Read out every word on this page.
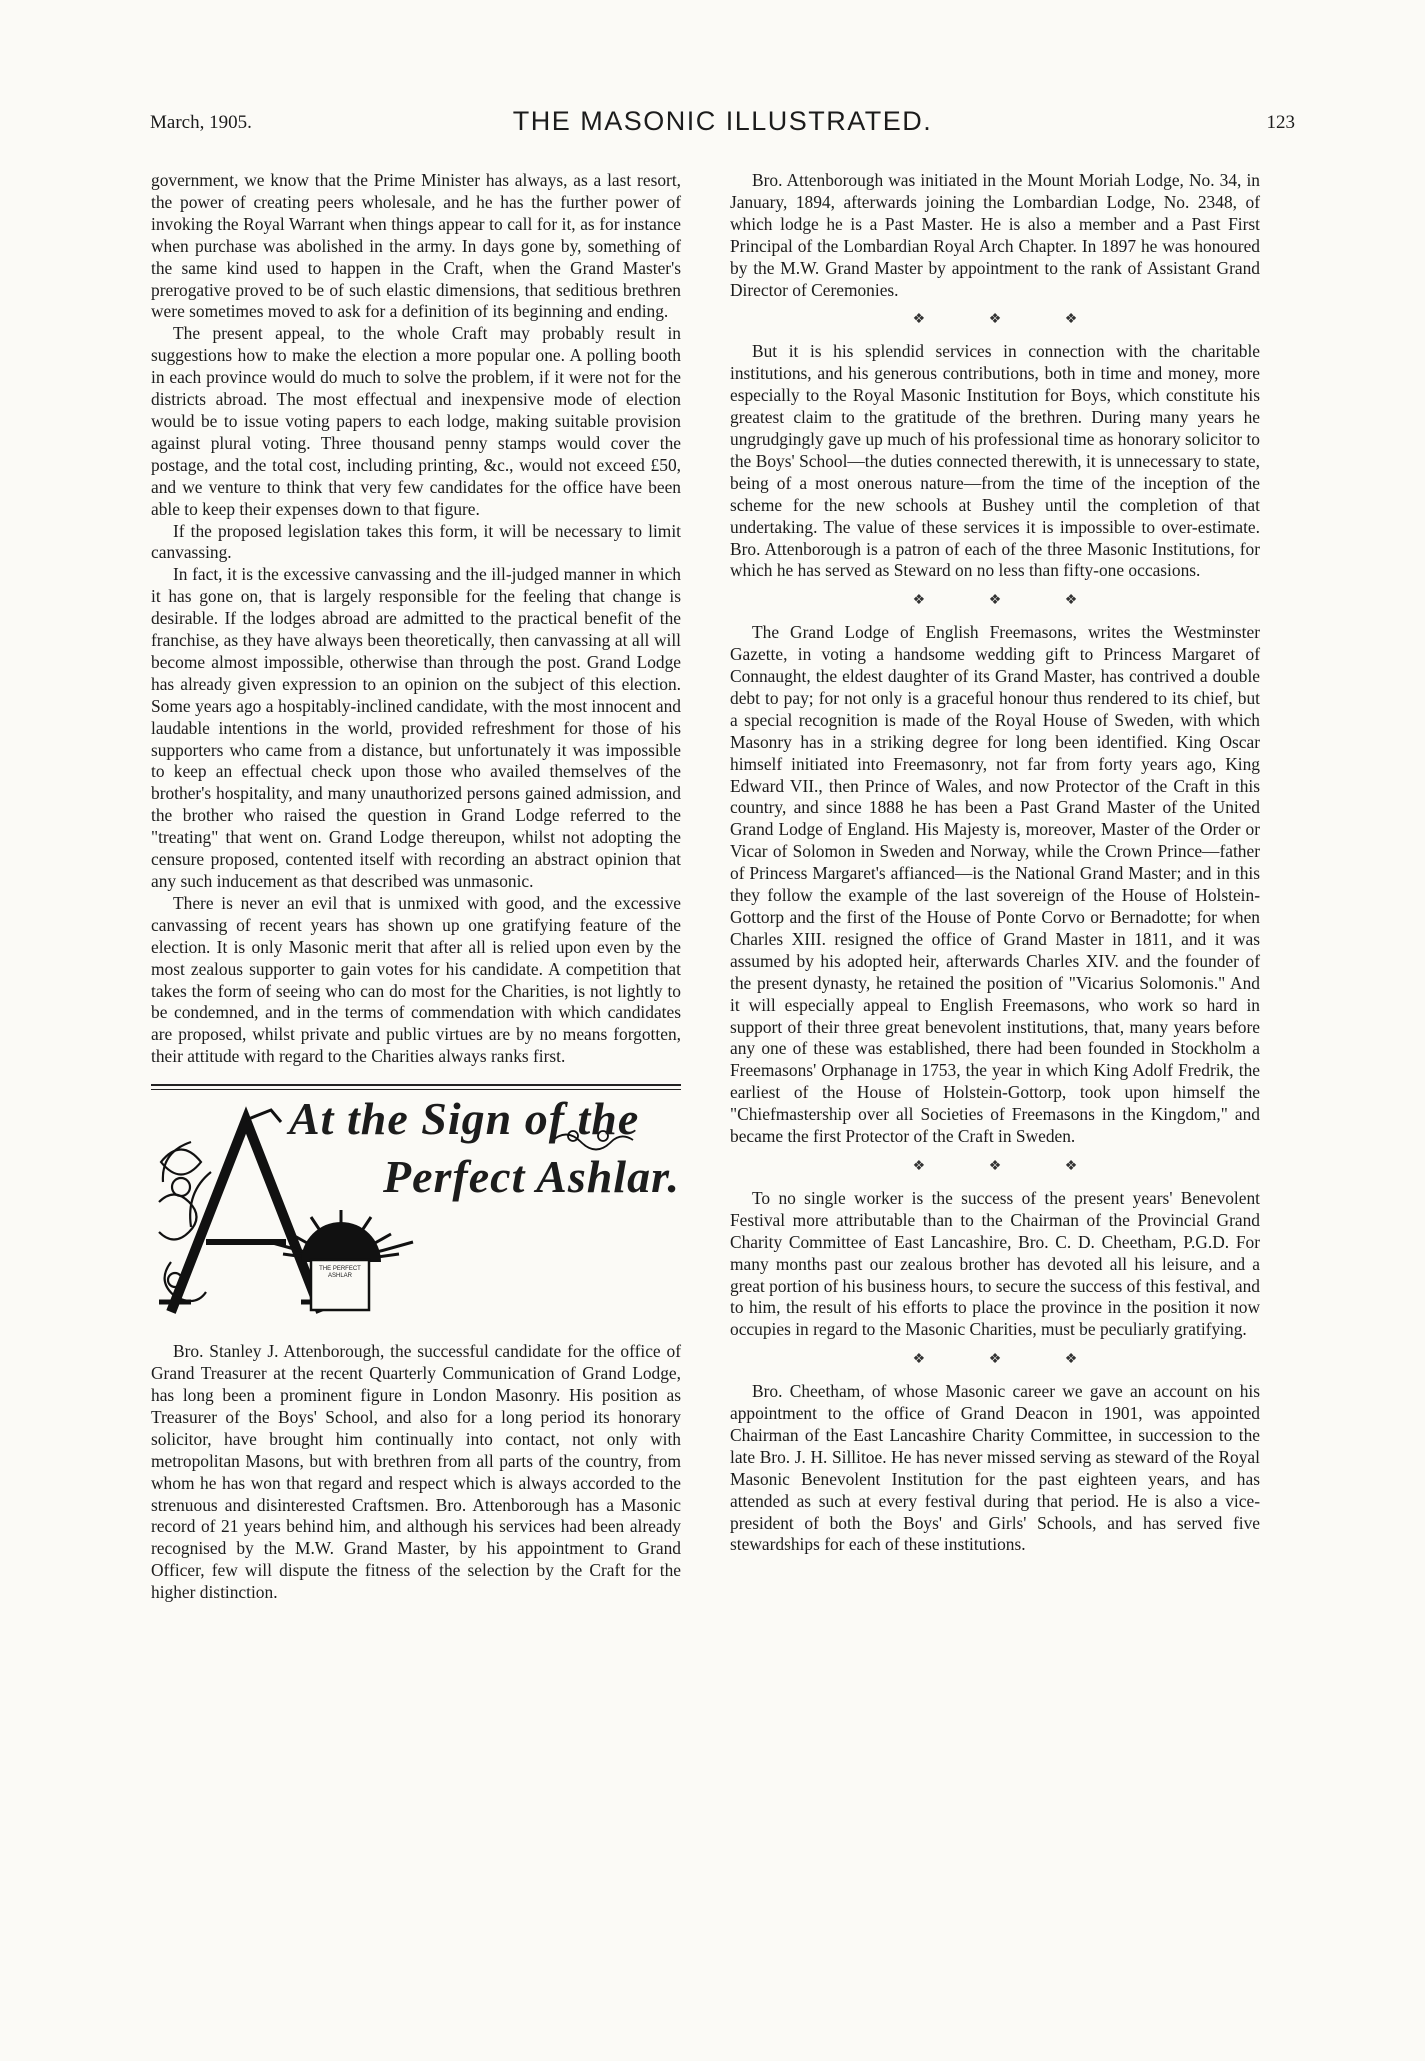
March, 1905.	THE MASONIC ILLUSTRATED.	123

government, we know that the Prime Minister has always, as a last resort, the power of creating peers wholesale, and he has the further power of invoking the Royal Warrant when things appear to call for it, as for instance when purchase was abolished in the army. In days gone by, something of the same kind used to happen in the Craft, when the Grand Master's prerogative proved to be of such elastic dimensions, that seditious brethren were sometimes moved to ask for a definition of its beginning and ending.

The present appeal, to the whole Craft may probably result in suggestions how to make the election a more popular one. A polling booth in each province would do much to solve the problem, if it were not for the districts abroad. The most effectual and inexpensive mode of election would be to issue voting papers to each lodge, making suitable provision against plural voting. Three thousand penny stamps would cover the postage, and the total cost, including printing, &c., would not exceed £50, and we venture to think that very few candidates for the office have been able to keep their expenses down to that figure.

If the proposed legislation takes this form, it will be necessary to limit canvassing.

In fact, it is the excessive canvassing and the ill-judged manner in which it has gone on, that is largely responsible for the feeling that change is desirable. If the lodges abroad are admitted to the practical benefit of the franchise, as they have always been theoretically, then canvassing at all will become almost impossible, otherwise than through the post. Grand Lodge has already given expression to an opinion on the subject of this election. Some years ago a hospitably-inclined candidate, with the most innocent and laudable intentions in the world, provided refreshment for those of his supporters who came from a distance, but unfortunately it was impossible to keep an effectual check upon those who availed themselves of the brother's hospitality, and many unauthorized persons gained admission, and the brother who raised the question in Grand Lodge referred to the "treating" that went on. Grand Lodge thereupon, whilst not adopting the censure proposed, contented itself with recording an abstract opinion that any such inducement as that described was unmasonic.

There is never an evil that is unmixed with good, and the excessive canvassing of recent years has shown up one gratifying feature of the election. It is only Masonic merit that after all is relied upon even by the most zealous supporter to gain votes for his candidate. A competition that takes the form of seeing who can do most for the Charities, is not lightly to be condemned, and in the terms of commendation with which candidates are proposed, whilst private and public virtues are by no means forgotten, their attitude with regard to the Charities always ranks first.

At the Sign of the
Perfect Ashlar.
THE PERFECT ASHLAR

Bro. Stanley J. Attenborough, the successful candidate for the office of Grand Treasurer at the recent Quarterly Communication of Grand Lodge, has long been a prominent figure in London Masonry. His position as Treasurer of the Boys' School, and also for a long period its honorary solicitor, have brought him continually into contact, not only with metropolitan Masons, but with brethren from all parts of the country, from whom he has won that regard and respect which is always accorded to the strenuous and disinterested Craftsmen. Bro. Attenborough has a Masonic record of 21 years behind him, and although his services had been already recognised by the M.W. Grand Master, by his appointment to Grand Officer, few will dispute the fitness of the selection by the Craft for the higher distinction.

Bro. Attenborough was initiated in the Mount Moriah Lodge, No. 34, in January, 1894, afterwards joining the Lombardian Lodge, No. 2348, of which lodge he is a Past Master. He is also a member and a Past First Principal of the Lombardian Royal Arch Chapter. In 1897 he was honoured by the M.W. Grand Master by appointment to the rank of Assistant Grand Director of Ceremonies.

❖ ❖ ❖

But it is his splendid services in connection with the charitable institutions, and his generous contributions, both in time and money, more especially to the Royal Masonic Institution for Boys, which constitute his greatest claim to the gratitude of the brethren. During many years he ungrudgingly gave up much of his professional time as honorary solicitor to the Boys' School—the duties connected therewith, it is unnecessary to state, being of a most onerous nature—from the time of the inception of the scheme for the new schools at Bushey until the completion of that undertaking. The value of these services it is impossible to over-estimate. Bro. Attenborough is a patron of each of the three Masonic Institutions, for which he has served as Steward on no less than fifty-one occasions.

❖ ❖ ❖

The Grand Lodge of English Freemasons, writes the Westminster Gazette, in voting a handsome wedding gift to Princess Margaret of Connaught, the eldest daughter of its Grand Master, has contrived a double debt to pay; for not only is a graceful honour thus rendered to its chief, but a special recognition is made of the Royal House of Sweden, with which Masonry has in a striking degree for long been identified. King Oscar himself initiated into Freemasonry, not far from forty years ago, King Edward VII., then Prince of Wales, and now Protector of the Craft in this country, and since 1888 he has been a Past Grand Master of the United Grand Lodge of England. His Majesty is, moreover, Master of the Order or Vicar of Solomon in Sweden and Norway, while the Crown Prince—father of Princess Margaret's affianced—is the National Grand Master; and in this they follow the example of the last sovereign of the House of Holstein-Gottorp and the first of the House of Ponte Corvo or Bernadotte; for when Charles XIII. resigned the office of Grand Master in 1811, and it was assumed by his adopted heir, afterwards Charles XIV. and the founder of the present dynasty, he retained the position of "Vicarius Solomonis." And it will especially appeal to English Freemasons, who work so hard in support of their three great benevolent institutions, that, many years before any one of these was established, there had been founded in Stockholm a Freemasons' Orphanage in 1753, the year in which King Adolf Fredrik, the earliest of the House of Holstein-Gottorp, took upon himself the "Chiefmastership over all Societies of Freemasons in the Kingdom," and became the first Protector of the Craft in Sweden.

❖ ❖ ❖

To no single worker is the success of the present years' Benevolent Festival more attributable than to the Chairman of the Provincial Grand Charity Committee of East Lancashire, Bro. C. D. Cheetham, P.G.D. For many months past our zealous brother has devoted all his leisure, and a great portion of his business hours, to secure the success of this festival, and to him, the result of his efforts to place the province in the position it now occupies in regard to the Masonic Charities, must be peculiarly gratifying.

❖ ❖ ❖

Bro. Cheetham, of whose Masonic career we gave an account on his appointment to the office of Grand Deacon in 1901, was appointed Chairman of the East Lancashire Charity Committee, in succession to the late Bro. J. H. Sillitoe. He has never missed serving as steward of the Royal Masonic Benevolent Institution for the past eighteen years, and has attended as such at every festival during that period. He is also a vice-president of both the Boys' and Girls' Schools, and has served five stewardships for each of these institutions.
